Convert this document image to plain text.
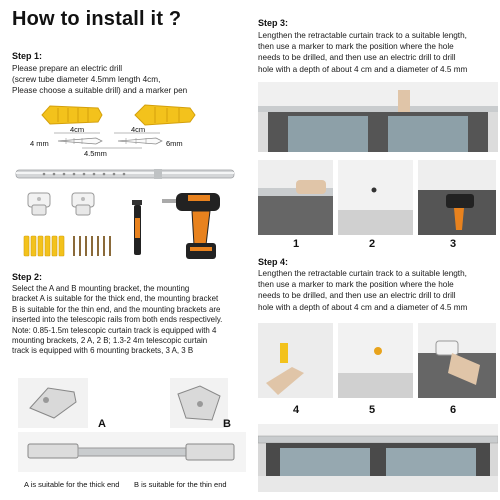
How to install it ?
Step 1:
Please prepare an electric drill
(screw tube diameter 4.5mm length 4cm,
Please choose a suitable drill) and a marker pen
4cm	4cm
4 mm	6mm
4.5mm
Step 2:
Select the A and B mounting bracket, the mounting
bracket A is suitable for the thick end, the mounting bracket
B is suitable for the thin end, and the mounting brackets are
inserted into the telescopic rails from both ends respectively.
Note: 0.85-1.5m telescopic curtain track is equipped with 4
mounting brackets, 2 A, 2 B; 1.3-2 4m telescopic curtain
track is equipped with 6 mounting brackets, 3 A, 3 B
A	B
A is suitable for the thick end B is suitable for the thin end
Step 3:
Lengthen the retractable curtain track to a suitable length,
then use a marker to mark the position where the hole
needs to be drilled, and then use an electric drill to drill
hole with a depth of about 4 cm and a diameter of 4.5 mm
1	2	3
Step 4:
Lengthen the retractable curtain track to a suitable length,
then use a marker to mark the position where the hole
needs to be drilled, and then use an electric drill to drill
hole with a depth of about 4 cm and a diameter of 4.5 mm
4	5	6
